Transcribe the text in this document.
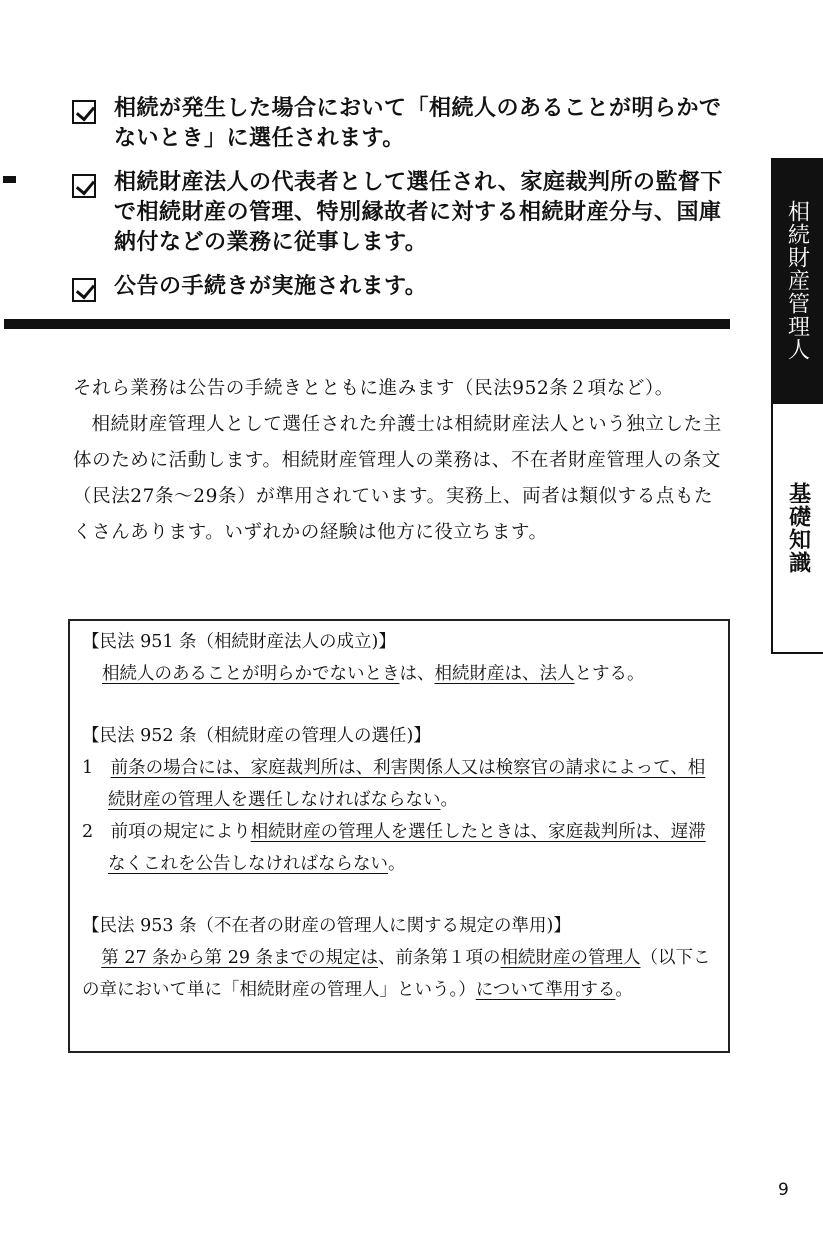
相続が発生した場合において「相続人のあることが明らかでないとき」に選任されます。
相続財産法人の代表者として選任され、家庭裁判所の監督下で相続財産の管理、特別縁故者に対する相続財産分与、国庫納付などの業務に従事します。
公告の手続きが実施されます。

それら業務は公告の手続きとともに進みます（民法952条２項など）。

相続財産管理人として選任された弁護士は相続財産法人という独立した主体のために活動します。相続財産管理人の業務は、不在者財産管理人の条文（民法27条〜29条）が準用されています。実務上、両者は類似する点もたくさんあります。いずれかの経験は他方に役立ちます。

【民法 951 条（相続財産法人の成立)】

相続人のあることが明らかでないときは、相続財産は、法人とする。

【民法 952 条（相続財産の管理人の選任)】

1　 前条の場合には、家庭裁判所は、利害関係人又は検察官の請求によって、相続財産の管理人を選任しなければならない。

2　 前項の規定により相続財産の管理人を選任したときは、家庭裁判所は、遅滞なくこれを公告しなければならない。

【民法 953 条（不在者の財産の管理人に関する規定の準用)】

第 27 条から第 29 条までの規定は、前条第１項の相続財産の管理人（以下この章において単に「相続財産の管理人」という。）について準用する。

相続財産管理人
基礎知識
9
